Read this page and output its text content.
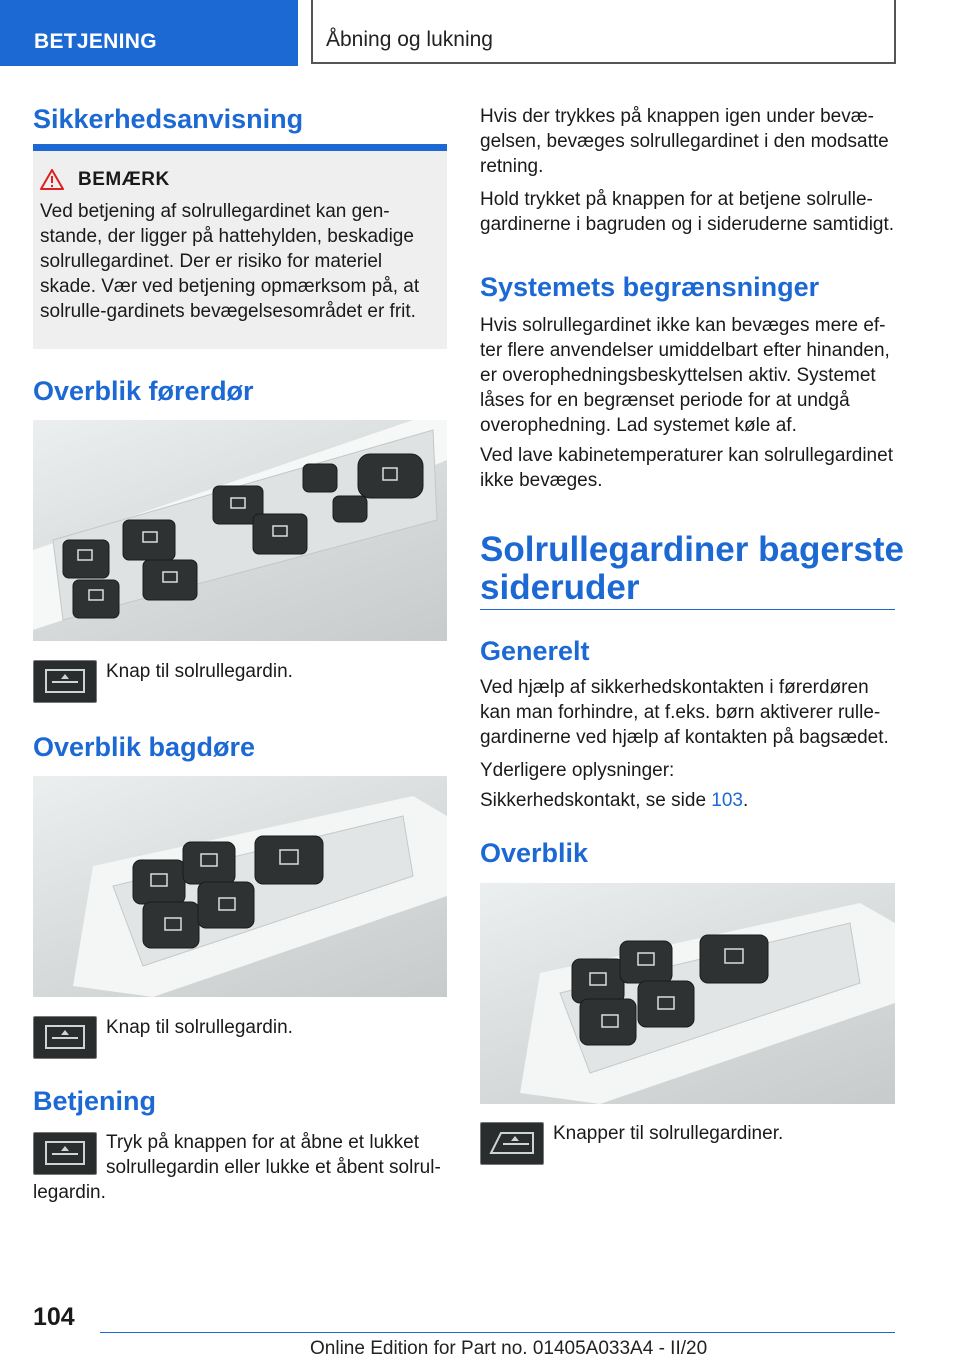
BETJENING	Åbning og lukning
Sikkerhedsanvisning
BEMÆRK

Ved betjening af solrullegardinet kan gen-stande, der ligger på hattehylden, beskadige solrullegardinet. Der er risiko for materiel skade. Vær ved betjening opmærksom på, at solrulle-gardinets bevægelsesområdet er frit.

Overblik førerdør
Knap til solrullegardin.
Overblik bagdøre
Knap til solrullegardin.
Betjening

Tryk på knappen for at åbne et lukket

solrullegardin eller lukke et åbent solrul-

legardin.

Hvis der trykkes på knappen igen under bevæ-gelsen, bevæges solrullegardinet i den modsatte retning.

Hold trykket på knappen for at betjene solrulle-gardinerne i bagruden og i sideruderne samtidigt.

Systemets begrænsninger

Hvis solrullegardinet ikke kan bevæges mere ef-ter flere anvendelser umiddelbart efter hinanden, er overophedningsbeskyttelsen aktiv. Systemet låses for en begrænset periode for at undgå overophedning. Lad systemet køle af.

Ved lave kabinetemperaturer kan solrullegardinet ikke bevæges.

Solrullegardiner bagerste
sideruder
Generelt

Ved hjælp af sikkerhedskontakten i førerdøren kan man forhindre, at f.eks. børn aktiverer rulle-gardinerne ved hjælp af kontakten på bagsædet.

Yderligere oplysninger:

Sikkerhedskontakt, se side 103.

Overblik
Knapper til solrullegardiner.
104
Online Edition for Part no. 01405A033A4 - II/20
